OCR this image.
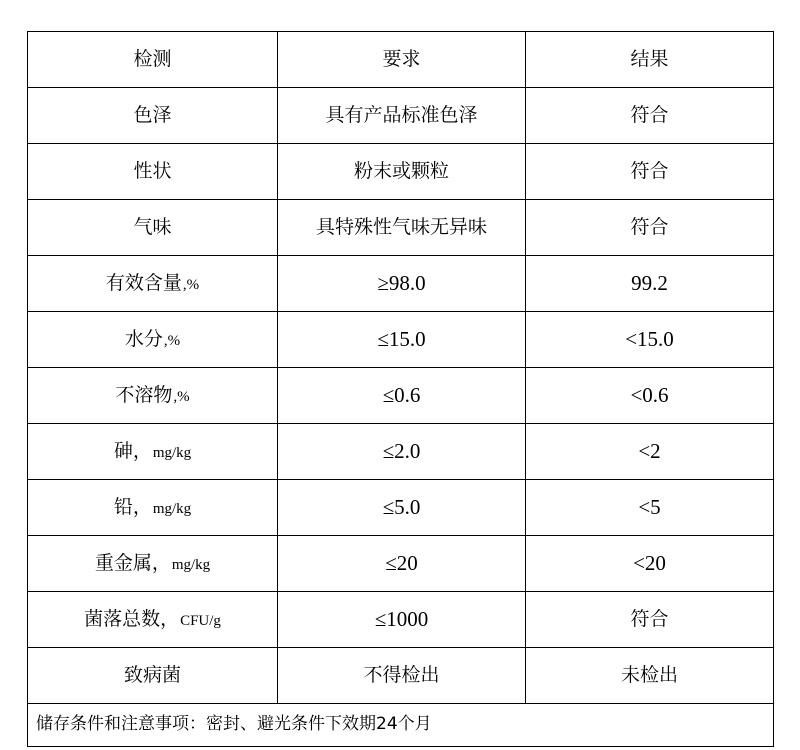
检测	要求	结果
色泽	具有产品标准色泽	符合
性状	粉末或颗粒	符合
气味	具特殊性气味无异味	符合

有效含量 ,%	≥98.0	99.2

水分 ,%	≤15.0	<15.0

不溶物 ,%	≤0.6	<0.6

砷， mg/kg	≤2.0	<2

铅， mg/kg	≤5.0	<5

重金属， mg/kg	≤20	<20

菌落总数， CFU/g	≤1000	符合
致病菌	不得检出	未检出
储存条件和注意事项：密封、避光条件下效期24个月		
